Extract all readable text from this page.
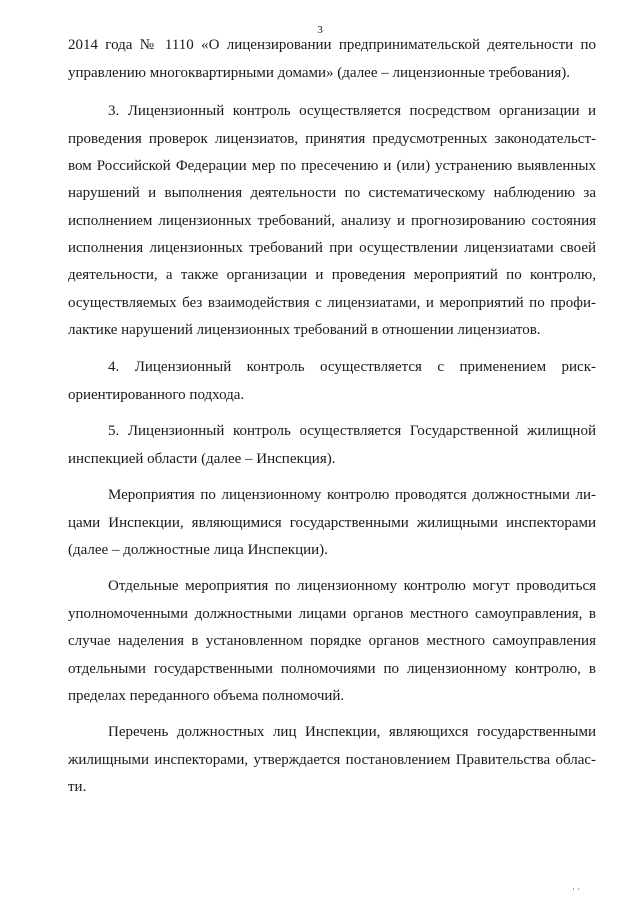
3
2014 года № 1110 «О лицензировании предпринимательской деятельности по
управлению многоквартирными домами» (далее – лицензионные требования).
3. Лицензионный контроль осуществляется посредством организации и
проведения проверок лицензиатов, принятия предусмотренных законодательст-
вом Российской Федерации мер по пресечению и (или) устранению выявленных
нарушений и выполнения деятельности по систематическому наблюдению за
исполнением лицензионных требований, анализу и прогнозированию состояния
исполнения лицензионных требований при осуществлении лицензиатами своей
деятельности, а также организации и проведения мероприятий по контролю,
осуществляемых без взаимодействия с лицензиатами, и мероприятий по профи-
лактике нарушений лицензионных требований в отношении лицензиатов.
4. Лицензионный контроль осуществляется с применением риск-
ориентированного подхода.
5. Лицензионный контроль осуществляется Государственной жилищной
инспекцией области (далее – Инспекция).
Мероприятия по лицензионному контролю проводятся должностными ли-
цами Инспекции, являющимися государственными жилищными инспекторами
(далее – должностные лица Инспекции).
Отдельные мероприятия по лицензионному контролю могут проводиться
уполномоченными должностными лицами органов местного самоуправления, в
случае наделения в установленном порядке органов местного самоуправления
отдельными государственными полномочиями по лицензионному контролю, в
пределах переданного объема полномочий.
Перечень должностных лиц Инспекции, являющихся государственными
жилищными инспекторами, утверждается постановлением Правительства облас-
ти.
· ·
